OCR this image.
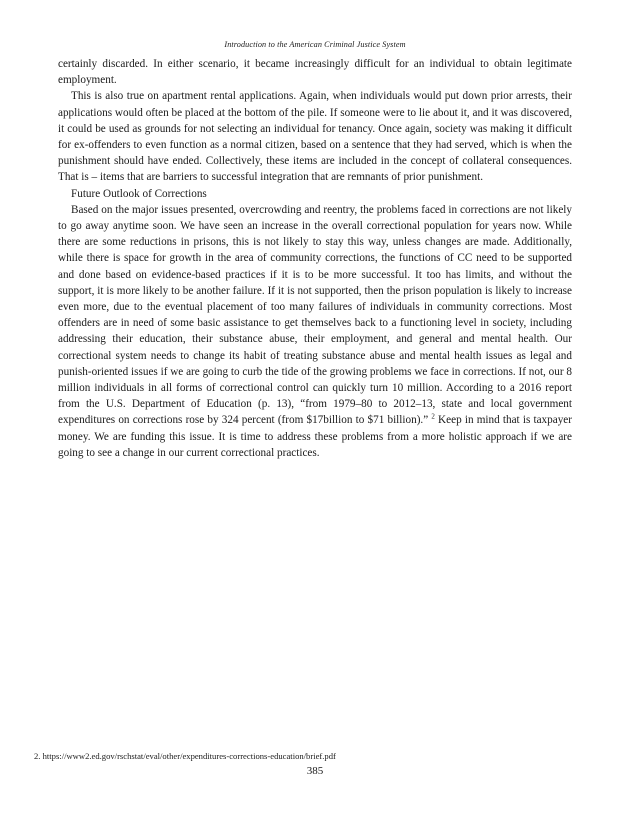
Introduction to the American Criminal Justice System

certainly discarded. In either scenario, it became increasingly difficult for an individual to obtain legitimate employment.

This is also true on apartment rental applications. Again, when individuals would put down prior arrests, their applications would often be placed at the bottom of the pile. If someone were to lie about it, and it was discovered, it could be used as grounds for not selecting an individual for tenancy. Once again, society was making it difficult for ex-offenders to even function as a normal citizen, based on a sentence that they had served, which is when the punishment should have ended. Collectively, these items are included in the concept of collateral consequences. That is – items that are barriers to successful integration that are remnants of prior punishment.

Future Outlook of Corrections

Based on the major issues presented, overcrowding and reentry, the problems faced in corrections are not likely to go away anytime soon. We have seen an increase in the overall correctional population for years now. While there are some reductions in prisons, this is not likely to stay this way, unless changes are made. Additionally, while there is space for growth in the area of community corrections, the functions of CC need to be supported and done based on evidence-based practices if it is to be more successful. It too has limits, and without the support, it is more likely to be another failure. If it is not supported, then the prison population is likely to increase even more, due to the eventual placement of too many failures of individuals in community corrections. Most offenders are in need of some basic assistance to get themselves back to a functioning level in society, including addressing their education, their substance abuse, their employment, and general and mental health. Our correctional system needs to change its habit of treating substance abuse and mental health issues as legal and punish-oriented issues if we are going to curb the tide of the growing problems we face in corrections. If not, our 8 million individuals in all forms of correctional control can quickly turn 10 million. According to a 2016 report from the U.S. Department of Education (p. 13), “from 1979–80 to 2012–13, state and local government expenditures on corrections rose by 324 percent (from $17billion to $71 billion).” $^2$ Keep in mind that is taxpayer money. We are funding this issue. It is time to address these problems from a more holistic approach if we are going to see a change in our current correctional practices.

2. https://www2.ed.gov/rschstat/eval/other/expenditures-corrections-education/brief.pdf
385
